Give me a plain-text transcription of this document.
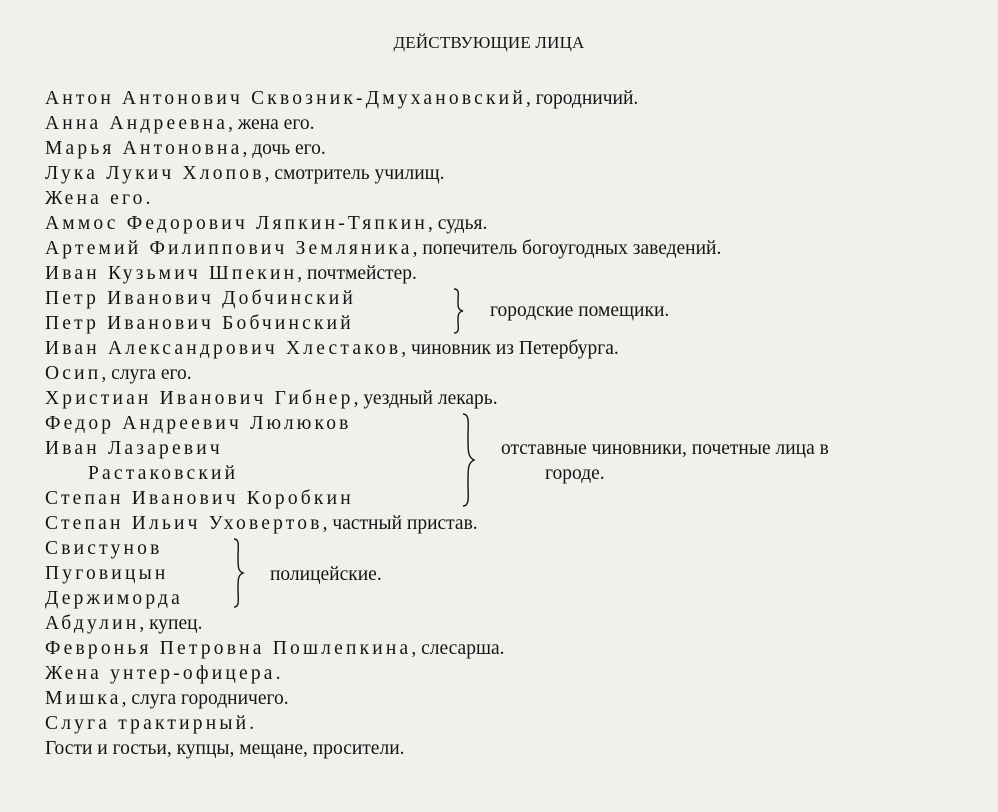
ДЕЙСТВУЮЩИЕ ЛИЦА
Антон Антонович Сквозник-Дмухановский, городничий.
Анна Андреевна, жена его.
Марья Антоновна, дочь его.
Лука Лукич Хлопов, смотритель училищ.
Жена его.
Аммос Федорович Ляпкин-Тяпкин, судья.
Артемий Филиппович Земляника, попечитель богоугодных заведений.
Иван Кузьмич Шпекин, почтмейстер.
Петр Иванович Добчинский
Петр Иванович Бобчинский
Иван Александрович Хлестаков, чиновник из Петербурга.
Осип, слуга его.
Христиан Иванович Гибнер, уездный лекарь.
Федор Андреевич Люлюков
Иван Лазаревич
Растаковский
Степан Иванович Коробкин
Степан Ильич Уховертов, частный пристав.
Свистунов
Пуговицын
Держиморда
Абдулин, купец.
Февронья Петровна Пошлепкина, слесарша.
Жена унтер-офицера.
Мишка, слуга городничего.
Слуга трактирный.
Гости и гостьи, купцы, мещане, просители.
городские помещики.
отставные чиновники, почетные лица в
городе.
полицейские.
